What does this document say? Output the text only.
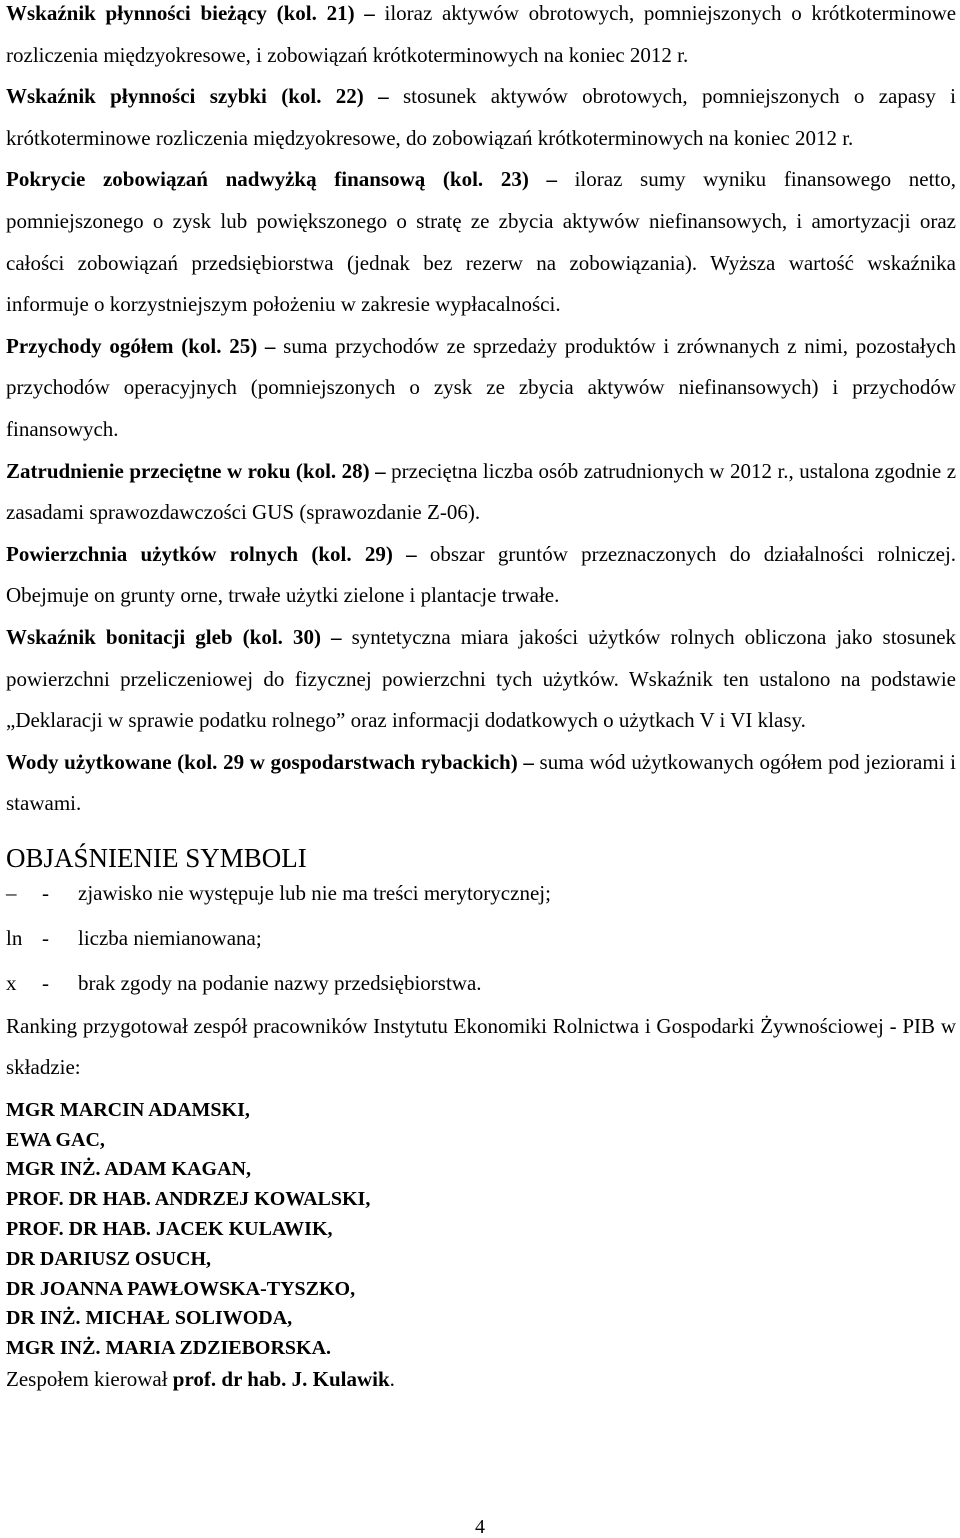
Wskaźnik płynności bieżący (kol. 21) – iloraz aktywów obrotowych, pomniejszonych o krótkoterminowe rozliczenia międzyokresowe, i zobowiązań krótkoterminowych na koniec 2012 r.

Wskaźnik płynności szybki (kol. 22) – stosunek aktywów obrotowych, pomniejszonych o zapasy i krótkoterminowe rozliczenia międzyokresowe, do zobowiązań krótkoterminowych na koniec 2012 r.

Pokrycie zobowiązań nadwyżką finansową (kol. 23) – iloraz sumy wyniku finansowego netto, pomniejszonego o zysk lub powiększonego o stratę ze zbycia aktywów niefinansowych, i amortyzacji oraz całości zobowiązań przedsiębiorstwa (jednak bez rezerw na zobowiązania). Wyższa wartość wskaźnika informuje o korzystniejszym położeniu w zakresie wypłacalności.

Przychody ogółem (kol. 25) – suma przychodów ze sprzedaży produktów i zrównanych z nimi, pozostałych przychodów operacyjnych (pomniejszonych o zysk ze zbycia aktywów niefinansowych) i przychodów finansowych.

Zatrudnienie przeciętne w roku (kol. 28) – przeciętna liczba osób zatrudnionych w 2012 r., ustalona zgodnie z zasadami sprawozdawczości GUS (sprawozdanie Z-06).

Powierzchnia użytków rolnych (kol. 29) – obszar gruntów przeznaczonych do działalności rolniczej. Obejmuje on grunty orne, trwałe użytki zielone i plantacje trwałe.

Wskaźnik bonitacji gleb (kol. 30) – syntetyczna miara jakości użytków rolnych obliczona jako stosunek powierzchni przeliczeniowej do fizycznej powierzchni tych użytków. Wskaźnik ten ustalono na podstawie „Deklaracji w sprawie podatku rolnego” oraz informacji dodatkowych o użytkach V i VI klasy.

Wody użytkowane (kol. 29 w gospodarstwach rybackich) – suma wód użytkowanych ogółem pod jeziorami i stawami.

OBJAŚNIENIE SYMBOLI
–	-	zjawisko nie występuje lub nie ma treści merytorycznej;
ln -	liczba niemianowana;
x	-	brak zgody na podanie nazwy przedsiębiorstwa.

Ranking przygotował zespół pracowników Instytutu Ekonomiki Rolnictwa i Gospodarki Żywnościowej - PIB w składzie:

MGR MARCIN ADAMSKI,
EWA GAC,
MGR INŻ. ADAM KAGAN,
PROF. DR HAB. ANDRZEJ KOWALSKI,
PROF. DR HAB. JACEK KULAWIK,
DR DARIUSZ OSUCH,
DR JOANNA PAWŁOWSKA-TYSZKO,
DR INŻ. MICHAŁ SOLIWODA,
MGR INŻ. MARIA ZDZIEBORSKA.

Zespołem kierował prof. dr hab. J. Kulawik.

4
